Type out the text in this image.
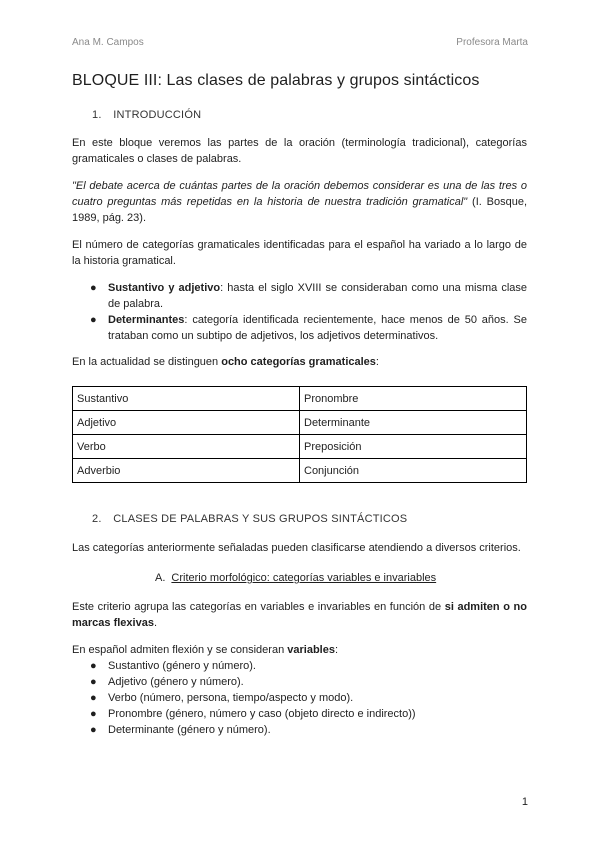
Ana M. Campos	Profesora Marta
BLOQUE III: Las clases de palabras y grupos sintácticos
1. INTRODUCCIÓN

En este bloque veremos las partes de la oración (terminología tradicional), categorías gramaticales o clases de palabras.

"El debate acerca de cuántas partes de la oración debemos considerar es una de las tres o cuatro preguntas más repetidas en la historia de nuestra tradición gramatical" (I. Bosque, 1989, pág. 23).

El número de categorías gramaticales identificadas para el español ha variado a lo largo de la historia gramatical.

● Sustantivo y adjetivo: hasta el siglo XVIII se consideraban como una misma clase de palabra.
● Determinantes: categoría identificada recientemente, hace menos de 50 años. Se trataban como un subtipo de adjetivos, los adjetivos determinativos.

En la actualidad se distinguen ocho categorías gramaticales:

Sustantivo	Pronombre
Adjetivo	Determinante
Verbo	Preposición
Adverbio	Conjunción
2. CLASES DE PALABRAS Y SUS GRUPOS SINTÁCTICOS

Las categorías anteriormente señaladas pueden clasificarse atendiendo a diversos criterios.

A. Criterio morfológico: categorías variables e invariables

Este criterio agrupa las categorías en variables e invariables en función de si admiten o no marcas flexivas.

En español admiten flexión y se consideran variables:

● Sustantivo (género y número).
● Adjetivo (género y número).
● Verbo (número, persona, tiempo/aspecto y modo).
● Pronombre (género, número y caso (objeto directo e indirecto))
● Determinante (género y número).
1
